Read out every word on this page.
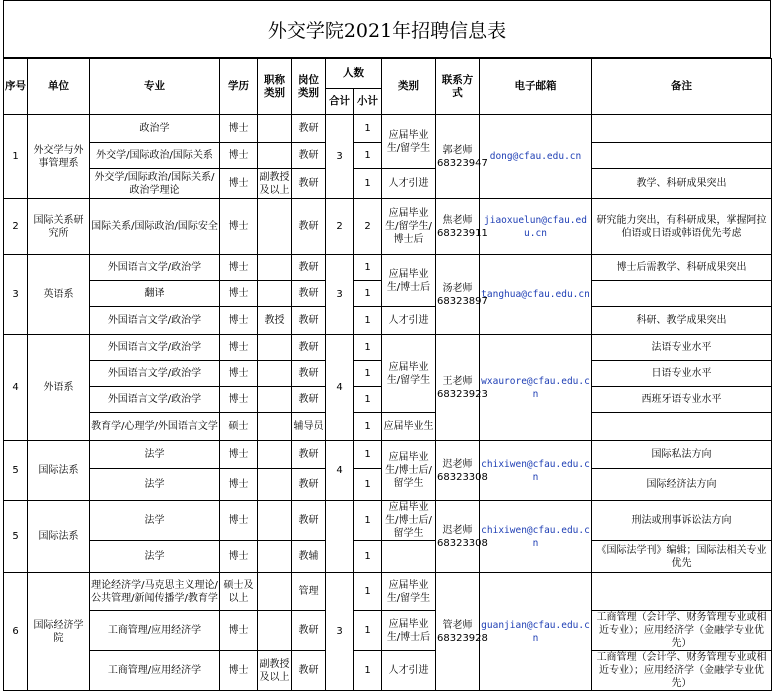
外交学院2021年招聘信息表
序号	单位	专业	学历	职称类别	岗位类别	人数		类别	联系方式	电子邮箱	备注
						合计	小计				
1	外交学与外事管理系	政治学	博士		教研	3	1	应届毕业生/留学生	郭老师68323947	dong@cfau.edu.cn	
		外交学/国际政治/国际关系	博士		教研		1				
		外交学/国际政治/国际关系/政治学理论	博士	副教授及以上	教研		1	人才引进			教学、科研成果突出
2	国际关系研究所	国际关系/国际政治/国际安全	博士		教研	2	2	应届毕业生/留学生/博士后	焦老师68323911	jiaoxuelun@cfau.edu.cn	研究能力突出，有科研成果，掌握阿拉伯语或日语或韩语优先考虑
3	英语系	外国语言文学/政治学	博士		教研	3	1	应届毕业生/博士后	汤老师68323897	tanghua@cfau.edu.cn	博士后需教学、科研成果突出
		翻译	博士		教研		1				
		外国语言文学/政治学	博士	教授	教研		1	人才引进			科研、教学成果突出
4	外语系	外国语言文学/政治学	博士		教研	4	1	应届毕业生/留学生	王老师68323923	wxaurore@cfau.edu.cn	法语专业水平
		外国语言文学/政治学	博士		教研		1				日语专业水平
		外国语言文学/政治学	博士		教研		1				西班牙语专业水平
		教育学/心理学/外国语言文学	硕士		辅导员		1	应届毕业生			
5	国际法系	法学	博士		教研	4	1	应届毕业生/博士后/留学生	迟老师68323308	chixiwen@cfau.edu.cn	国际私法方向
		法学	博士		教研		1				国际经济法方向
5	国际法系	法学	博士		教研		1	应届毕业生/博士后/留学生	迟老师68323308	chixiwen@cfau.edu.cn	刑法或刑事诉讼法方向
		法学	博士		教辅		1				《国际法学刊》编辑；国际法相关专业优先
6	国际经济学院	理论经济学/马克思主义理论/公共管理/新闻传播学/教育学	硕士及以上		管理	3	1	应届毕业生/留学生	管老师68323928	guanjian@cfau.edu.cn	
		工商管理/应用经济学	博士		教研		1	应届毕业生/博士后			工商管理（会计学、财务管理专业或相近专业）；应用经济学（金融学专业优先）
		工商管理/应用经济学	博士	副教授及以上	教研		1	人才引进			工商管理（会计学、财务管理专业或相近专业）；应用经济学（金融学专业优先）
